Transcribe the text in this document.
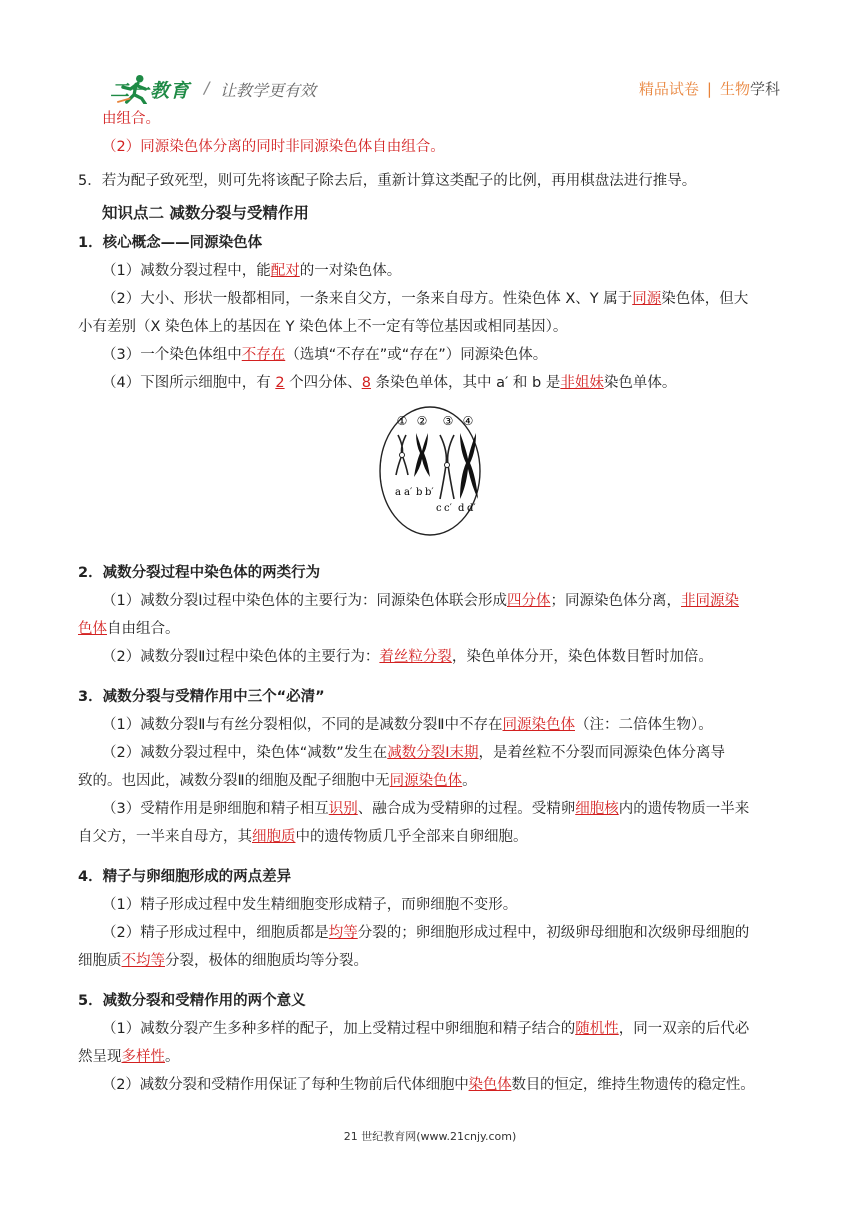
二一教育 / 让教学更有效	精品试卷 | 生物学科

由组合。

（2）同源染色体分离的同时非同源染色体自由组合。

5．若为配子致死型，则可先将该配子除去后，重新计算这类配子的比例，再用棋盘法进行推导。

知识点二 减数分裂与受精作用

1．核心概念——同源染色体

（1）减数分裂过程中，能配对的一对染色体。

（2）大小、形状一般都相同，一条来自父方，一条来自母方。性染色体 X、Y 属于同源染色体，但大

小有差别（X 染色体上的基因在 Y 染色体上不一定有等位基因或相同基因）。

（3）一个染色体组中不存在（选填“不存在”或“存在”）同源染色体。

（4）下图所示细胞中，有 2 个四分体、8 条染色单体，其中 a′ 和 b 是非姐妹染色单体。

① ② ③ ④
a a′ b b′
c c′ d d′

2．减数分裂过程中染色体的两类行为

（1）减数分裂Ⅰ过程中染色体的主要行为：同源染色体联会形成四分体；同源染色体分离，非同源染

色体自由组合。

（2）减数分裂Ⅱ过程中染色体的主要行为：着丝粒分裂，染色单体分开，染色体数目暂时加倍。

3．减数分裂与受精作用中三个“必清”

（1）减数分裂Ⅱ与有丝分裂相似，不同的是减数分裂Ⅱ中不存在同源染色体（注：二倍体生物）。

（2）减数分裂过程中，染色体“减数”发生在减数分裂Ⅰ末期，是着丝粒不分裂而同源染色体分离导

致的。也因此，减数分裂Ⅱ的细胞及配子细胞中无同源染色体。

（3）受精作用是卵细胞和精子相互识别、融合成为受精卵的过程。受精卵细胞核内的遗传物质一半来

自父方，一半来自母方，其细胞质中的遗传物质几乎全部来自卵细胞。

4．精子与卵细胞形成的两点差异

（1）精子形成过程中发生精细胞变形成精子，而卵细胞不变形。

（2）精子形成过程中，细胞质都是均等分裂的；卵细胞形成过程中，初级卵母细胞和次级卵母细胞的

细胞质不均等分裂，极体的细胞质均等分裂。

5．减数分裂和受精作用的两个意义

（1）减数分裂产生多种多样的配子，加上受精过程中卵细胞和精子结合的随机性，同一双亲的后代必

然呈现多样性。

（2）减数分裂和受精作用保证了每种生物前后代体细胞中染色体数目的恒定，维持生物遗传的稳定性。

21 世纪教育网(www.21cnjy.com)
